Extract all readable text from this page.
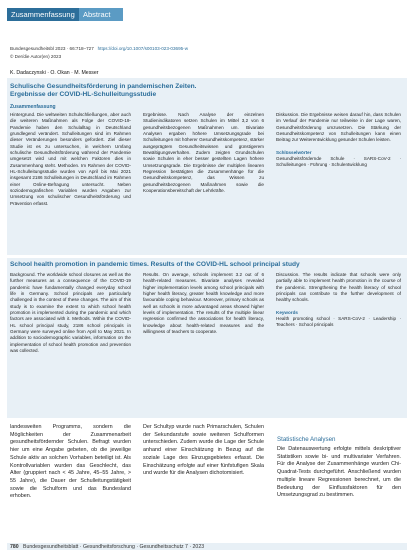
Zusammenfassung Abstract
Bundesgesundheitsbl 2023 · 66:718–727 https://doi.org/10.1007/s00103-023-03695-w
© Der/die Autor(en) 2023
K. Dadaczynski · O. Okan · M. Messer
Schulische Gesundheitsförderung in pandemischen Zeiten.
Ergebnisse der COVID-HL-Schulleitungsstudie
Zusammenfassung
Hintergrund. Die weltweiten Schulschließungen, aber auch die weiteren Maßnahmen als Folge der COVID-19-Pandemie haben den Schulalltag in Deutschland grundlegend verändert. Schulleitungen sind im Rahmen dieser Veränderungen besonders gefordert. Ziel dieser Studie ist es zu untersuchen, in welchem Umfang schulische Gesundheitsförderung während der Pandemie umgesetzt wird und mit welchen Faktoren dies in Zusammenhang steht. Methoden. Im Rahmen der COVID-HL-Schulleitungsstudie wurden von April bis Mai 2021 insgesamt 2186 Schulleitungen in Deutschland im Rahmen einer Online-Befragung untersucht. Neben soziodemografischen Variablen wurden Angaben zur Umsetzung von schulischer Gesundheitsförderung und Prävention erfasst.
Ergebnisse. Nach Analyse der einzelnen Studienindikatoren setzen Schulen im Mittel 3,2 von 6 gesundheitsbezogenen Maßnahmen um. Bivariate Analysen ergaben höhere Umsetzungsgrade bei Schulleitungen mit höherer Gesundheitskompetenz, stärker ausgeprägtem Gesundheitswissen und günstigerem Bewältigungsverhalten. Zudem zeigten Grundschulen sowie Schulen in eher besser gestellten Lagen höhere Umsetzungsgrade. Die Ergebnisse der multiplen linearen Regression bestätigten die Zusammenhänge für die Gesundheitskompetenz, das Wissen zu gesundheitsbezogenen Maßnahmen sowie die Kooperationsbereitschaft der Lehrkräfte.

Diskussion. Die Ergebnisse weisen darauf hin, dass Schulen im Verlauf der Pandemie nur teilweise in der Lage waren, Gesundheitsförderung umzusetzen. Die Stärkung der Gesundheitskompetenz von Schulleitungen kann einen Beitrag zur Weiterentwicklung gesunder Schulen leisten.

Schlüsselwörter

Gesundheitsfördernde Schule · SARS-CoV-2 · Schulleitungen · Führung · Schulentwicklung

School health promotion in pandemic times. Results of the COVID-HL school principal study
Background. The worldwide school closures as well as the further measures as a consequence of the COVID-19 pandemic have fundamentally changed everyday school life in Germany. School principals are particularly challenged in the context of these changes. The aim of this study is to examine the extent to which school health promotion is implemented during the pandemic and which factors are associated with it. Methods. Within the COVID-HL school principal study, 2186 school principals in Germany were surveyed online from April to May 2021. In addition to sociodemographic variables, information on the implementation of school health promotion and prevention was collected.
Results. On average, schools implement 3.2 out of 6 health-related measures. Bivariate analyses revealed higher implementation levels among school principals with higher health literacy, greater health knowledge and more favourable coping behaviour. Moreover, primary schools as well as schools in more advantaged areas showed higher levels of implementation. The results of the multiple linear regression confirmed the associations for health literacy, knowledge about health-related measures and the willingness of teachers to cooperate.

Discussion. The results indicate that schools were only partially able to implement health promotion in the course of the pandemic. Strengthening the health literacy of school principals can contribute to the further development of healthy schools.

Keywords

Health promoting school · SARS-CoV-2 · Leadership · Teachers · School principals

landesweiten Programms, sondern die Möglichkeiten der Zusammenarbeit gesundheitsfördernder Schulen. Befragt wurden hier um eine Angabe gebeten, ob die jeweilige Schule aktiv an solchen Vorhaben beteiligt ist. Als Kontrollvariablen wurden das Geschlecht, das Alter (gruppiert nach < 45 Jahre, 45–55 Jahre, > 55 Jahre), die Dauer der Schulleitungstätigkeit sowie die Schulform und das Bundesland erhoben.
Der Schultyp wurde nach Primarschulen, Schulen der Sekundarstufe sowie weiteren Schulformen unterschieden. Zudem wurde die Lage der Schule anhand einer Einschätzung in Bezug auf die soziale Lage des Einzugsgebietes erfasst. Die Einschätzung erfolgte auf einer fünfstufigen Skala und wurde für die Analysen dichotomisiert.
Statistische Analysen
Die Datenauswertung erfolgte mittels deskriptiver Statistiken sowie bi- und multivariater Verfahren. Für die Analyse der Zusammenhänge wurden Chi-Quadrat-Tests durchgeführt. Anschließend wurden multiple lineare Regressionen berechnet, um die Bedeutung der Einflussfaktoren für den Umsetzungsgrad zu bestimmen.
780 Bundesgesundheitsblatt · Gesundheitsforschung · Gesundheitsschutz 7 · 2023
